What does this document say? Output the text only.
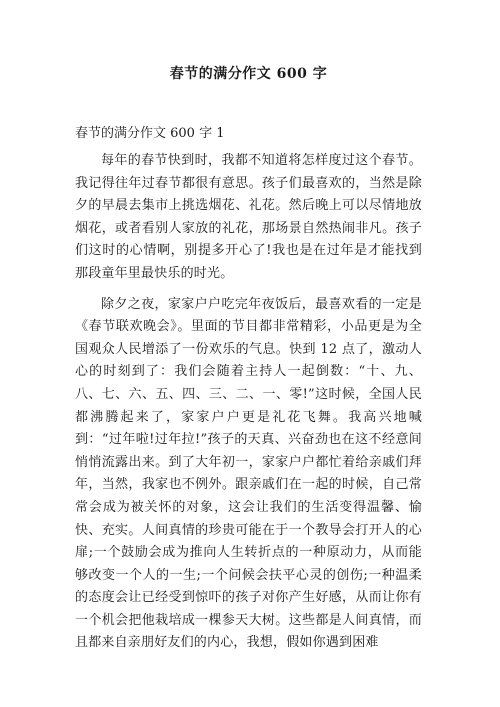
春节的满分作文 600 字
春节的满分作文 600 字 1

每年的春节快到时，我都不知道将怎样度过这个春节。我记得往年过春节都很有意思。孩子们最喜欢的，当然是除夕的早晨去集市上挑选烟花、礼花。然后晚上可以尽情地放烟花，或者看别人家放的礼花，那场景自然热闹非凡。孩子们这时的心情啊，别提多开心了!我也是在过年是才能找到那段童年里最快乐的时光。

除夕之夜，家家户户吃完年夜饭后，最喜欢看的一定是《春节联欢晚会》。里面的节目都非常精彩，小品更是为全国观众人民增添了一份欢乐的气息。快到 12 点了，激动人心的时刻到了：我们会随着主持人一起倒数：“十、九、八、七、六、五、四、三、二、一、零!”这时候，全国人民都沸腾起来了，家家户户更是礼花飞舞。我高兴地喊到：“过年啦!过年拉!”孩子的天真、兴奋劲也在这不经意间悄悄流露出来。到了大年初一，家家户户都忙着给亲戚们拜年，当然，我家也不例外。跟亲戚们在一起的时候，自己常常会成为被关怀的对象，这会让我们的生活变得温馨、愉快、充实。人间真情的珍贵可能在于一个教导会打开人的心扉;一个鼓励会成为推向人生转折点的一种原动力，从而能够改变一个人的一生;一个问候会扶平心灵的创伤;一种温柔的态度会让已经受到惊吓的孩子对你产生好感，从而让你有一个机会把他栽培成一棵参天大树。这些都是人间真情，而且都来自亲朋好友们的内心，我想，假如你遇到困难
